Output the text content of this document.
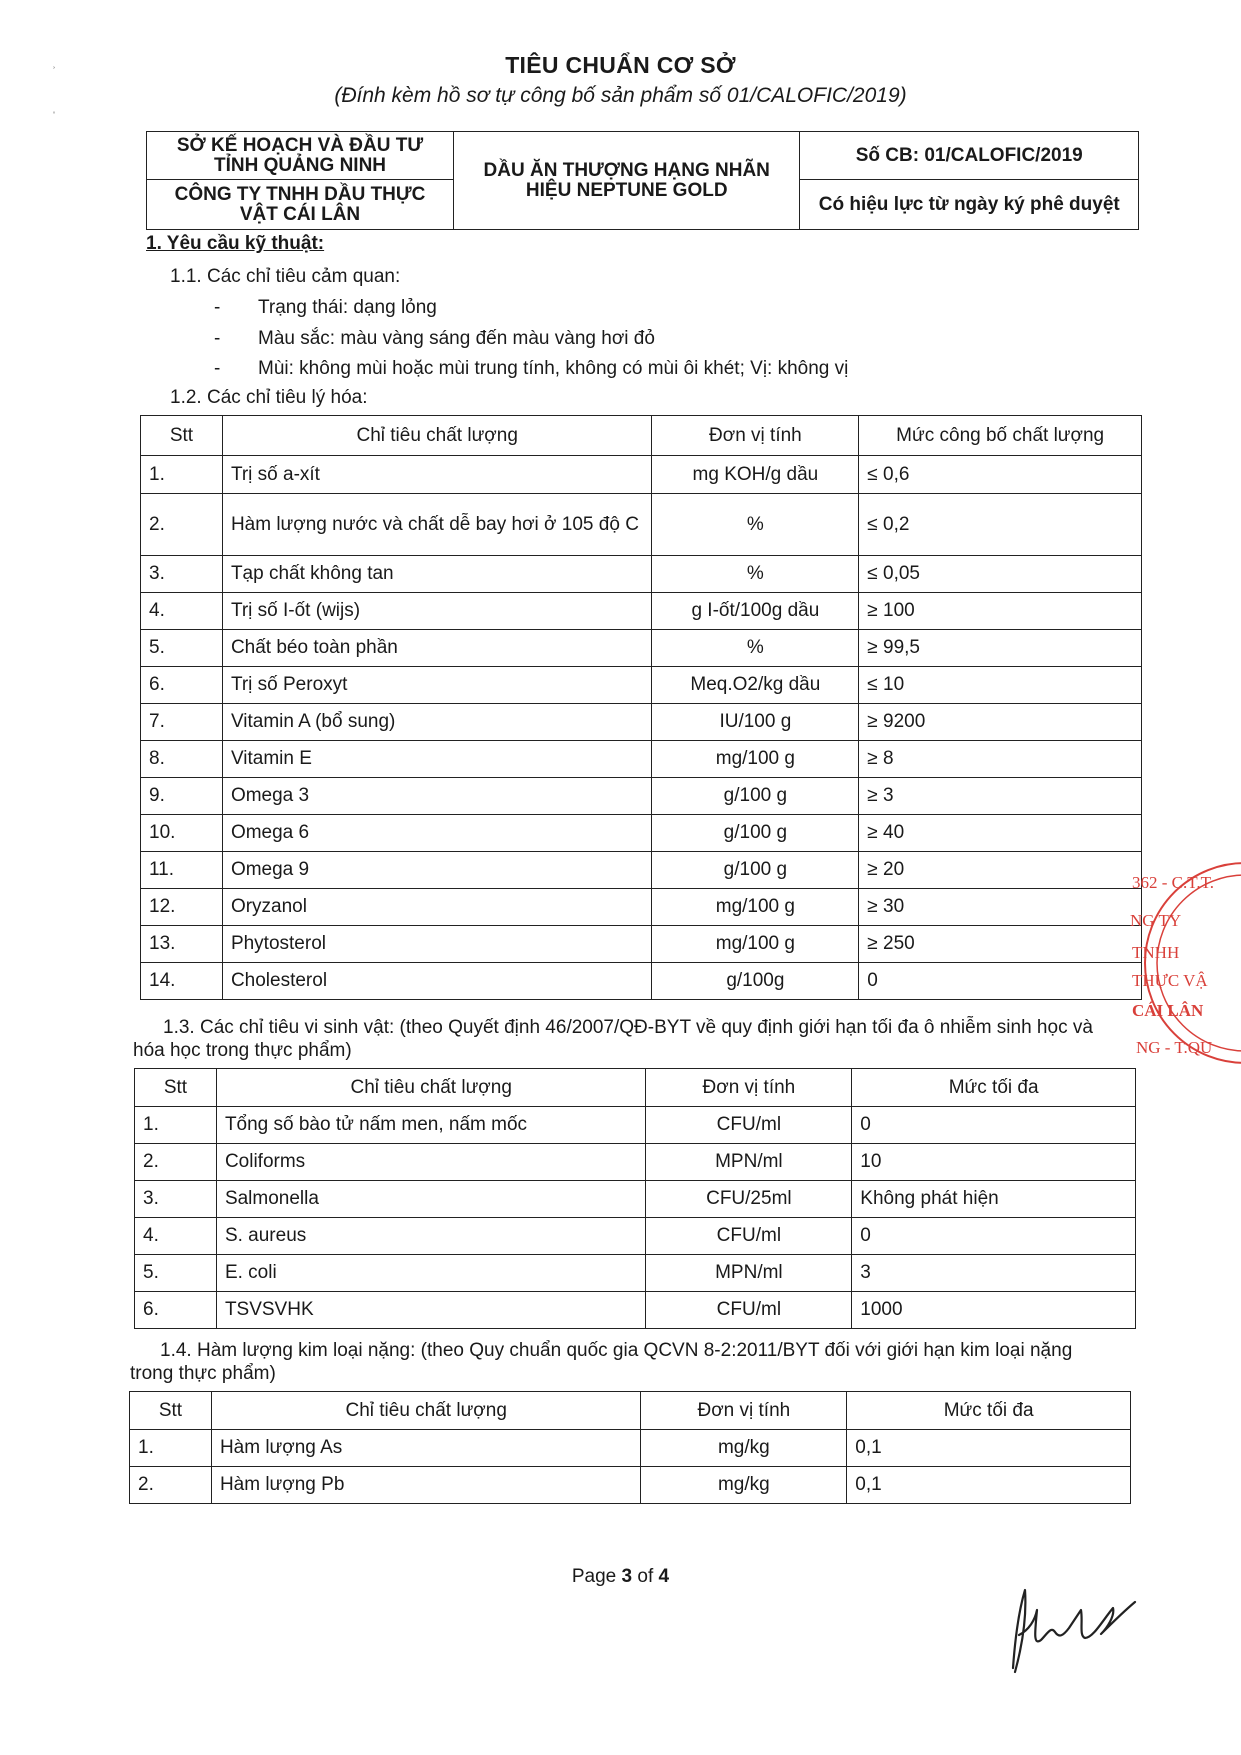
˒
ˌ
TIÊU CHUẨN CƠ SỞ
(Đính kèm hồ sơ tự công bố sản phẩm số 01/CALOFIC/2019)
SỞ KẾ HOẠCH VÀ ĐẦU TƯ TỈNH QUẢNG NINH	DẦU ĂN THƯỢNG HẠNG NHÃN HIỆU NEPTUNE GOLD	Số CB: 01/CALOFIC/2019
CÔNG TY TNHH DẦU THỰC VẬT CÁI LÂN		Có hiệu lực từ ngày ký phê duyệt
1. Yêu cầu kỹ thuật:
1.1. Các chỉ tiêu cảm quan:
- Trạng thái: dạng lỏng
- Màu sắc: màu vàng sáng đến màu vàng hơi đỏ
- Mùi: không mùi hoặc mùi trung tính, không có mùi ôi khét; Vị: không vị
1.2. Các chỉ tiêu lý hóa:
Stt	Chỉ tiêu chất lượng	Đơn vị tính	Mức công bố chất lượng
1.	Trị số a-xít	mg KOH/g dầu	≤ 0,6
2.	Hàm lượng nước và chất dễ bay hơi ở 105 độ C	%	≤ 0,2
3.	Tạp chất không tan	%	≤ 0,05
4.	Trị số I-ốt (wijs)	g I-ốt/100g dầu	≥ 100
5.	Chất béo toàn phần	%	≥ 99,5
6.	Trị số Peroxyt	Meq.O2/kg dầu	≤ 10
7.	Vitamin A (bổ sung)	IU/100 g	≥ 9200
8.	Vitamin E	mg/100 g	≥ 8
9.	Omega 3	g/100 g	≥ 3
10.	Omega 6	g/100 g	≥ 40
11.	Omega 9	g/100 g	≥ 20
12.	Oryzanol	mg/100 g	≥ 30
13.	Phytosterol	mg/100 g	≥ 250
14.	Cholesterol	g/100g	0
1.3. Các chỉ tiêu vi sinh vật: (theo Quyết định 46/2007/QĐ-BYT về quy định giới hạn tối đa ô nhiễm sinh học và hóa học trong thực phẩm)
Stt	Chỉ tiêu chất lượng	Đơn vị tính	Mức tối đa
1.	Tổng số bào tử nấm men, nấm mốc	CFU/ml	0
2.	Coliforms	MPN/ml	10
3.	Salmonella	CFU/25ml	Không phát hiện
4.	S. aureus	CFU/ml	0
5.	E. coli	MPN/ml	3
6.	TSVSVHK	CFU/ml	1000
1.4. Hàm lượng kim loại nặng: (theo Quy chuẩn quốc gia QCVN 8-2:2011/BYT đối với giới hạn kim loại nặng trong thực phẩm)
Stt	Chỉ tiêu chất lượng	Đơn vị tính	Mức tối đa
1.	Hàm lượng As	mg/kg	0,1
2.	Hàm lượng Pb	mg/kg	0,1
Page 3 of 4
362 - C.T.T.
NG TY
TNHH
THỰC VẬ
CÁI LÂN
NG - T.QU
